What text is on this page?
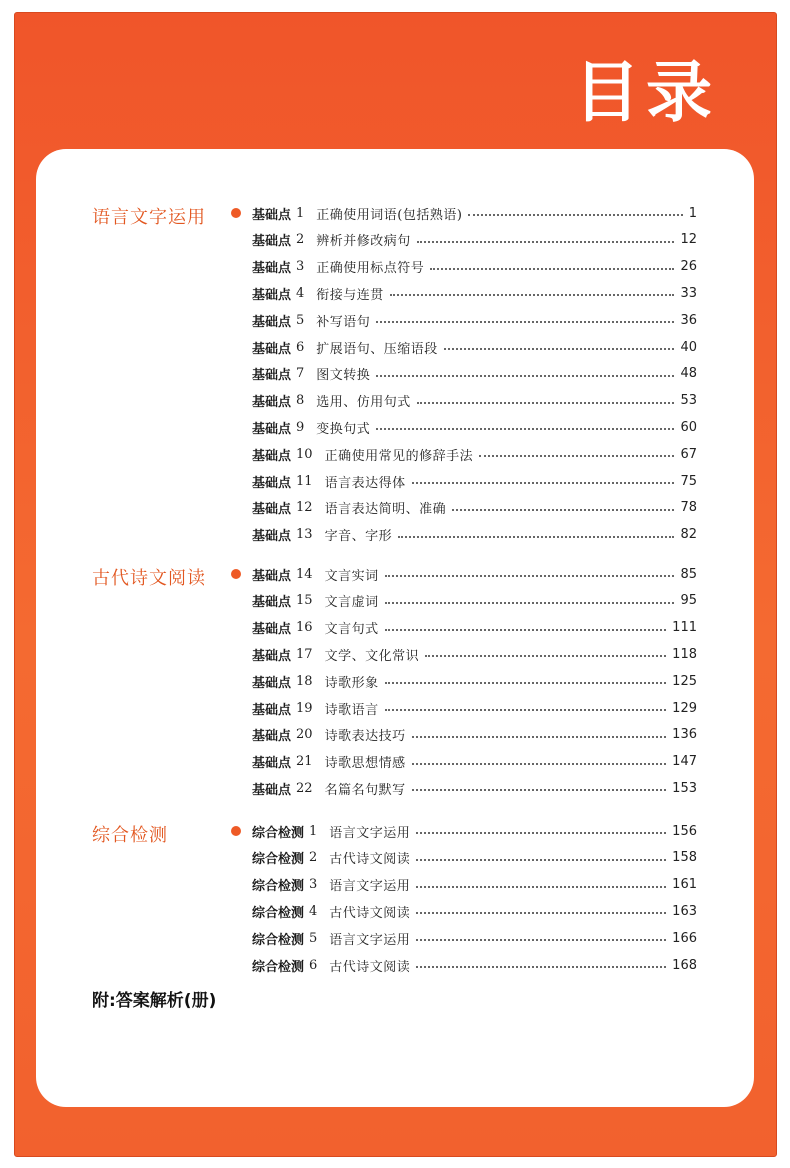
目录
语言文字运用	基础点 1 正确使用词语(包括熟语)	1
基础点 2 辨析并修改病句	12
基础点 3 正确使用标点符号	26
基础点 4 衔接与连贯	33
基础点 5 补写语句	36
基础点 6 扩展语句、压缩语段	40
基础点 7 图文转换	48
基础点 8 选用、仿用句式	53
基础点 9 变换句式	60
基础点 10 正确使用常见的修辞手法	67
基础点 11 语言表达得体	75
基础点 12 语言表达简明、准确	78
基础点 13 字音、字形	82
古代诗文阅读	基础点 14 文言实词	85
基础点 15 文言虚词	95
基础点 16 文言句式	111
基础点 17 文学、文化常识	118
基础点 18 诗歌形象	125
基础点 19 诗歌语言	129
基础点 20 诗歌表达技巧	136
基础点 21 诗歌思想情感	147
基础点 22 名篇名句默写	153
综合检测	综合检测 1 语言文字运用	156
综合检测 2 古代诗文阅读	158
综合检测 3 语言文字运用	161
综合检测 4 古代诗文阅读	163
综合检测 5 语言文字运用	166
综合检测 6 古代诗文阅读	168
附:答案解析(册)
